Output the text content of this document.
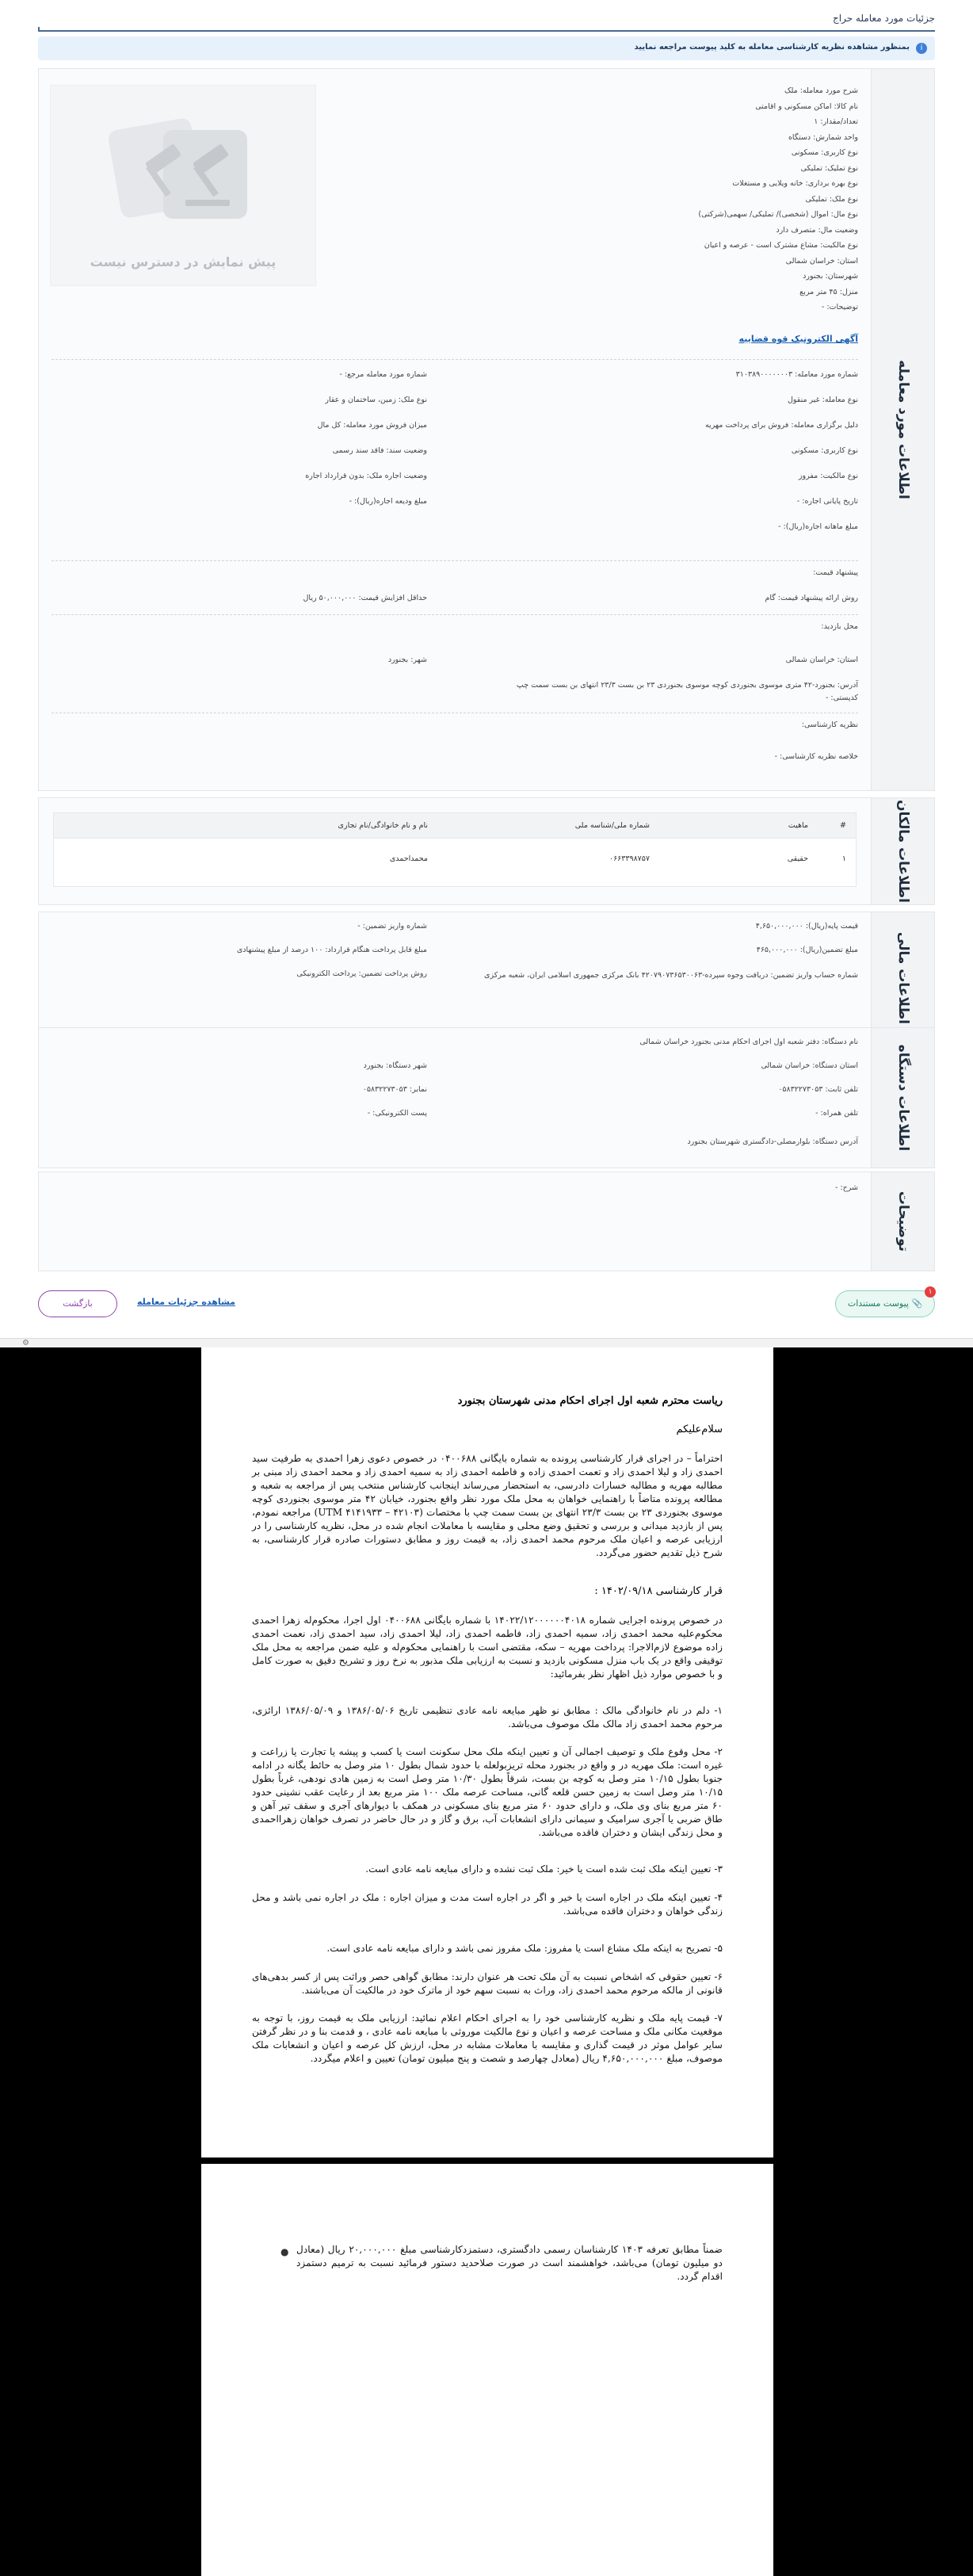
جزئیات مورد معامله حراج
i
بمنظور مشاهده نظریه کارشناسی معامله به کلید پیوست مراجعه نمایید
اطلاعات مورد معامله
شرح مورد معامله: ملک
نام کالا: اماکن مسکونی و اقامتی
تعداد/مقدار: ۱
واحد شمارش: دستگاه
نوع کاربری: مسکونی
نوع تملیک: تملیکی
نوع بهره برداری: خانه ویلایی و مستغلات
نوع ملک: تملیکی
نوع مال: اموال (شخصی)/ تملیکی/ سهمی(شرکتی)
وضعیت مال: متصرف دارد
نوع مالکیت: مشاع مشترک است - عرصه و اعیان
استان: خراسان شمالی
شهرستان: بجنورد
منزل: ۴۵ متر مربع
توضیحات: -
آگهی الکترونیک قوه قضاییه
پیش نمایش در دسترس نیست
شماره مورد معامله: ۳۱۰۳۸۹۰۰۰۰۰۰۰۳
شماره مورد معامله مرجع: -
نوع معامله: غیر منقول
نوع ملک: زمین، ساختمان و عقار
دلیل برگزاری معامله: فروش برای پرداخت مهریه
میزان فروش مورد معامله: کل مال
نوع کاربری: مسکونی
وضعیت سند: فاقد سند رسمی
نوع مالکیت: مفروز
وضعیت اجاره ملک: بدون قرارداد اجاره
تاریخ پایانی اجاره: -
مبلغ ودیعه اجاره(ریال): -
مبلغ ماهانه اجاره(ریال): -
پیشنهاد قیمت:
روش ارائه پیشنهاد قیمت: گام
حداقل افزایش قیمت: ۵۰,۰۰۰,۰۰۰ ریال
محل بازدید:
استان: خراسان شمالی
شهر: بجنورد
آدرس: بجنورد-۴۲ متری موسوی بجنوردی کوچه موسوی بجنوردی ۲۳ بن بست ۲۳/۳ انتهای بن بست سمت چپ
کدپستی: -
نظریه کارشناسی:
خلاصه نظریه کارشناسی: -
اطلاعات مالکان
#
ماهیت
شماره ملی/شناسه ملی
نام و نام خانوادگی/نام تجاری
۱
حقیقی
۰۶۶۳۳۹۸۷۵۷
محمداحمدی
اطلاعات مالی
قیمت پایه(ریال): ۴,۶۵۰,۰۰۰,۰۰۰
شماره واریز تضمین: -
مبلغ تضمین(ریال): ۴۶۵,۰۰۰,۰۰۰
مبلغ قابل پرداخت هنگام قرارداد: ۱۰۰ درصد از مبلغ پیشنهادی
شماره حساب واریز تضمین: دریافت وجوه سپرده-۴۲۰۷۹۰۷۳۶۵۳۰۰۶۳ بانک مرکزی جمهوری اسلامی ایران، شعبه مرکزی
روش پرداخت تضمین: پرداخت الکترونیکی
اطلاعات دستگاه
نام دستگاه: دفتر شعبه اول اجرای احکام مدنی بجنورد خراسان شمالی
استان دستگاه: خراسان شمالی
شهر دستگاه: بجنورد
تلفن ثابت: ۰۵۸۳۲۲۷۳۰۵۳
نمابر: ۰۵۸۳۲۲۷۳۰۵۳
تلفن همراه: -
پست الکترونیکی: -
آدرس دستگاه: بلوارمصلی-دادگستری شهرستان بجنورد
توضیحات
شرح: -
۱
📎 پیوست مستندات
مشاهده جزئیات معامله
بازگشت
⚙
ریاست محترم شعبه اول اجرای احکام مدنی شهرستان بجنورد
سلام‌علیکم
احتراماً – در اجرای قرار کارشناسی پرونده به شماره بایگانی ۰۴۰۰۶۸۸ در خصوص دعوی زهرا احمدی به طرفیت سید احمدی زاد و لیلا احمدی زاد و تعمت احمدی زاده و فاطمه احمدی زاد به سمیه احمدی زاد و محمد احمدی زاد مبنی بر مطالبه مهریه و مطالبه خسارات دادرسی، به استحضار می‌رساند اینجانب کارشناس منتخب پس از مراجعه به شعبه و مطالعه پرونده متاضاً با راهنمایی خواهان به محل ملک مورد نظر واقع بجنورد، خیابان ۴۲ متر موسوی بجنوردی کوچه موسوی بجنوردی ۲۳ بن بست ۲۳/۳ انتهای بن بست سمت چپ با مختصات (UTM ۴۱۴۱۹۳۳ – ۴۲۱۰۳) مراجعه نمودم، پس از بازدید میدانی و بررسی و تحقیق وضع محلی و مقایسه با معاملات انجام شده در محل، نظریه کارشناسی را در ارزیابی عرصه و اعیان ملک مرحوم محمد احمدی زاد، به قیمت روز و مطابق دستورات صادره قرار کارشناسی، به شرح ذیل تقدیم حضور می‌گردد.
قرار کارشناسی ۱۴۰۲/۰۹/۱۸ :
در خصوص پرونده اجرایی شماره ۱۴۰۲۲/۱۲۰۰۰۰۰۰۴۰۱۸ با شماره بایگانی ۰۴۰۰۶۸۸ اول اجرا، محکوم‌له زهرا احمدی محکوم‌علیه محمد احمدی زاد، سمیه احمدی زاد، فاطمه احمدی زاد، لیلا احمدی زاد، سید احمدی زاد، نعمت احمدی زاده موضوع لازم‌الاجرا: پرداخت مهریه – سکه، مقتضی است با راهنمایی محکوم‌له و علیه ضمن مراجعه به محل ملک توقیفی واقع در یک باب منزل مسکونی بازدید و نسبت به ارزیابی ملک مذبور به نرخ روز و تشریح دقیق به صورت کامل و با خصوص موارد ذیل اظهار نظر بفرمائید:
۱- دلم در نام خانوادگی مالک : مطابق نو ظهر مبایعه نامه عادی تنظیمی تاریخ ۱۳۸۶/۰۵/۰۶ و ۱۳۸۶/۰۵/۰۹ ارائزی، مرحوم محمد احمدی زاد مالک ملک موصوف می‌باشد.
۲- محل وقوع ملک و توصیف اجمالی آن و تعیین اینکه ملک محل سکونت است یا کسب و پیشه یا تجارت یا زراعت و غیره است: ملک مهریه در و واقع در بجنورد محله تریزبولعله با حدود شمال بطول ۱۰ متر وصل به حائط یگانه در ادامه جنوبا بطول ۱۰/۱۵ متر وصل به کوچه بن بست، شرقاً بطول ۱۰/۳۰ متر وصل است به زمین هادی نودهی، غرباً بطول ۱۰/۱۵ متر وصل است به زمین حسن قلعه گانی، مساحت عرصه ملک ۱۰۰ متر مربع بعد از رعایت عقب نشینی حدود ۶۰ متر مربع بنای وی ملک، و دارای حدود ۶۰ متر مربع بنای مسکونی در همکف با دیوارهای آجری و سقف تیر آهن و طاق ضربی یا آجری سرامیک و سیمانی دارای انشعابات آب، برق و گاز و در حال حاضر در تصرف خواهان زهرااحمدی و محل زندگی ایشان و دختران فاقده می‌باشد.
۳- تعیین اینکه ملک ثبت شده است یا خیر: ملک ثبت نشده و دارای مبایعه نامه عادی است.
۴- تعیین اینکه ملک در اجاره است یا خیر و اگر در اجاره است مدت و میزان اجاره : ملک در اجاره نمی باشد و محل زندگی خواهان و دختران فاقده می‌باشد.
۵- تصریح به اینکه ملک مشاع است یا مفروز: ملک مفروز نمی باشد و دارای مبایعه نامه عادی است.
۶- تعیین حقوقی که اشخاص نسبت به آن ملک تحت هر عنوان دارند: مطابق گواهی حصر وراثت پس از کسر بدهی‌های قانونی از مالکه مرحوم محمد احمدی زاد، وراث به نسبت سهم خود از ماترک خود در مالکیت آن می‌باشند.
۷- قیمت پایه ملک و نظریه کارشناسی خود را به اجرای احکام اعلام نمائید: ارزیابی ملک به قیمت روز، با توجه به موقعیت مکانی ملک و مساحت عرصه و اعیان و نوع مالکیت موروثی با مبایعه نامه عادی ، و قدمت بنا و در نظر گرفتن سایر عوامل موثر در قیمت گذاری و مقایسه با معاملات مشابه در محل، ارزش کل عرصه و اعیان و انشعابات ملک موصوف، مبلغ ۴,۶۵۰,۰۰۰,۰۰۰ ریال (معادل چهارصد و شصت و پنج میلیون تومان) تعیین و اعلام میگردد.
ضمناً مطابق تعرفه ۱۴۰۳ کارشناسان رسمی دادگستری، دستمزدکارشناسی مبلغ ۲۰,۰۰۰,۰۰۰ ریال (معادل دو میلیون تومان) می‌باشد، خواهشمند است در صورت صلاحدید دستور فرمائید نسبت به ترمیم دستمزد اقدام گردد.
●
